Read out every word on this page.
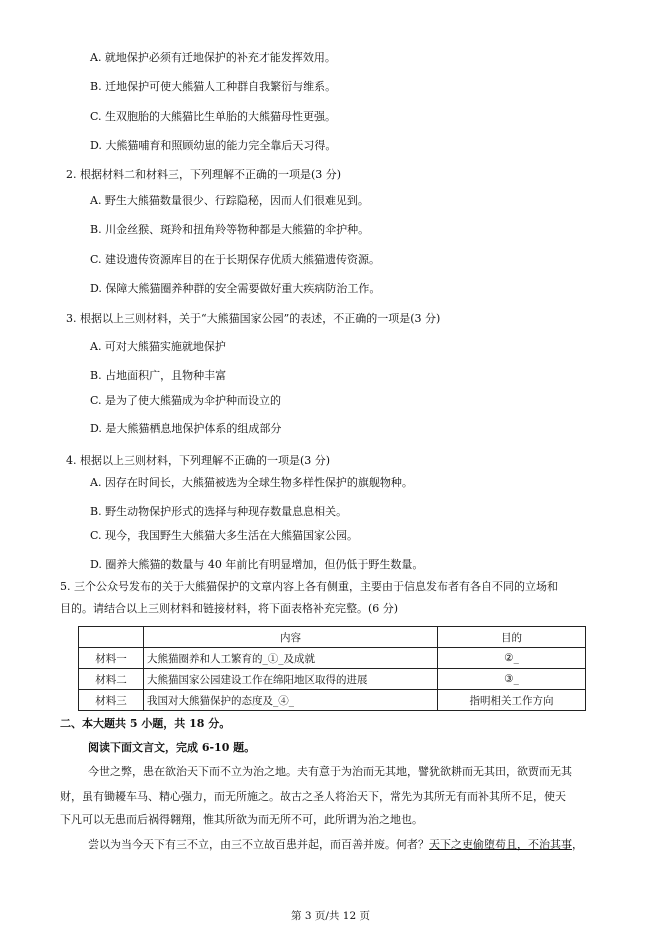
A. 就地保护必须有迁地保护的补充才能发挥效用。
B. 迁地保护可使大熊猫人工种群自我繁衍与维系。
C. 生双胞胎的大熊猫比生单胎的大熊猫母性更强。
D. 大熊猫哺育和照顾幼崽的能力完全靠后天习得。
2. 根据材料二和材料三，下列理解不正确的一项是(3 分)
A. 野生大熊猫数量很少、行踪隐秘，因而人们很难见到。
B. 川金丝猴、斑羚和扭角羚等物种都是大熊猫的伞护种。
C. 建设遗传资源库目的在于长期保存优质大熊猫遗传资源。
D. 保障大熊猫圈养种群的安全需要做好重大疾病防治工作。
3. 根据以上三则材料，关于“大熊猫国家公园”的表述，不正确的一项是(3 分)
A. 可对大熊猫实施就地保护
B. 占地面积广，且物种丰富
C. 是为了使大熊猫成为伞护种而设立的
D. 是大熊猫栖息地保护体系的组成部分
4. 根据以上三则材料，下列理解不正确的一项是(3 分)
A. 因存在时间长，大熊猫被选为全球生物多样性保护的旗舰物种。
B. 野生动物保护形式的选择与种现存数量息息相关。
C. 现今，我国野生大熊猫大多生活在大熊猫国家公园。
D. 圈养大熊猫的数量与 40 年前比有明显增加，但仍低于野生数量。
5. 三个公众号发布的关于大熊猫保护的文章内容上各有侧重，主要由于信息发布者有各自不同的立场和
目的。请结合以上三则材料和链接材料，将下面表格补充完整。(6 分)
	内容	目的
材料一	大熊猫圈养和人工繁育的_①_及成就	②_
材料二	大熊猫国家公园建设工作在绵阳地区取得的进展	③_
材料三	我国对大熊猫保护的态度及_④_	指明相关工作方向
二、本大题共 5 小题，共 18 分。
阅读下面文言文，完成 6-10 题。
今世之弊，患在欲治天下而不立为治之地。夫有意于为治而无其地，譬犹欲耕而无其田，欲贾而无其
财，虽有锄耰车马、精心强力，而无所施之。故古之圣人将治天下，常先为其所无有而补其所不足，使天
下凡可以无患而后祸得翱翔，惟其所欲为而无所不可，此所谓为治之地也。
尝以为当今天下有三不立，由三不立故百患并起，而百善并废。何者？天下之吏偷堕苟且，不治其事，
第 3 页/共 12 页
